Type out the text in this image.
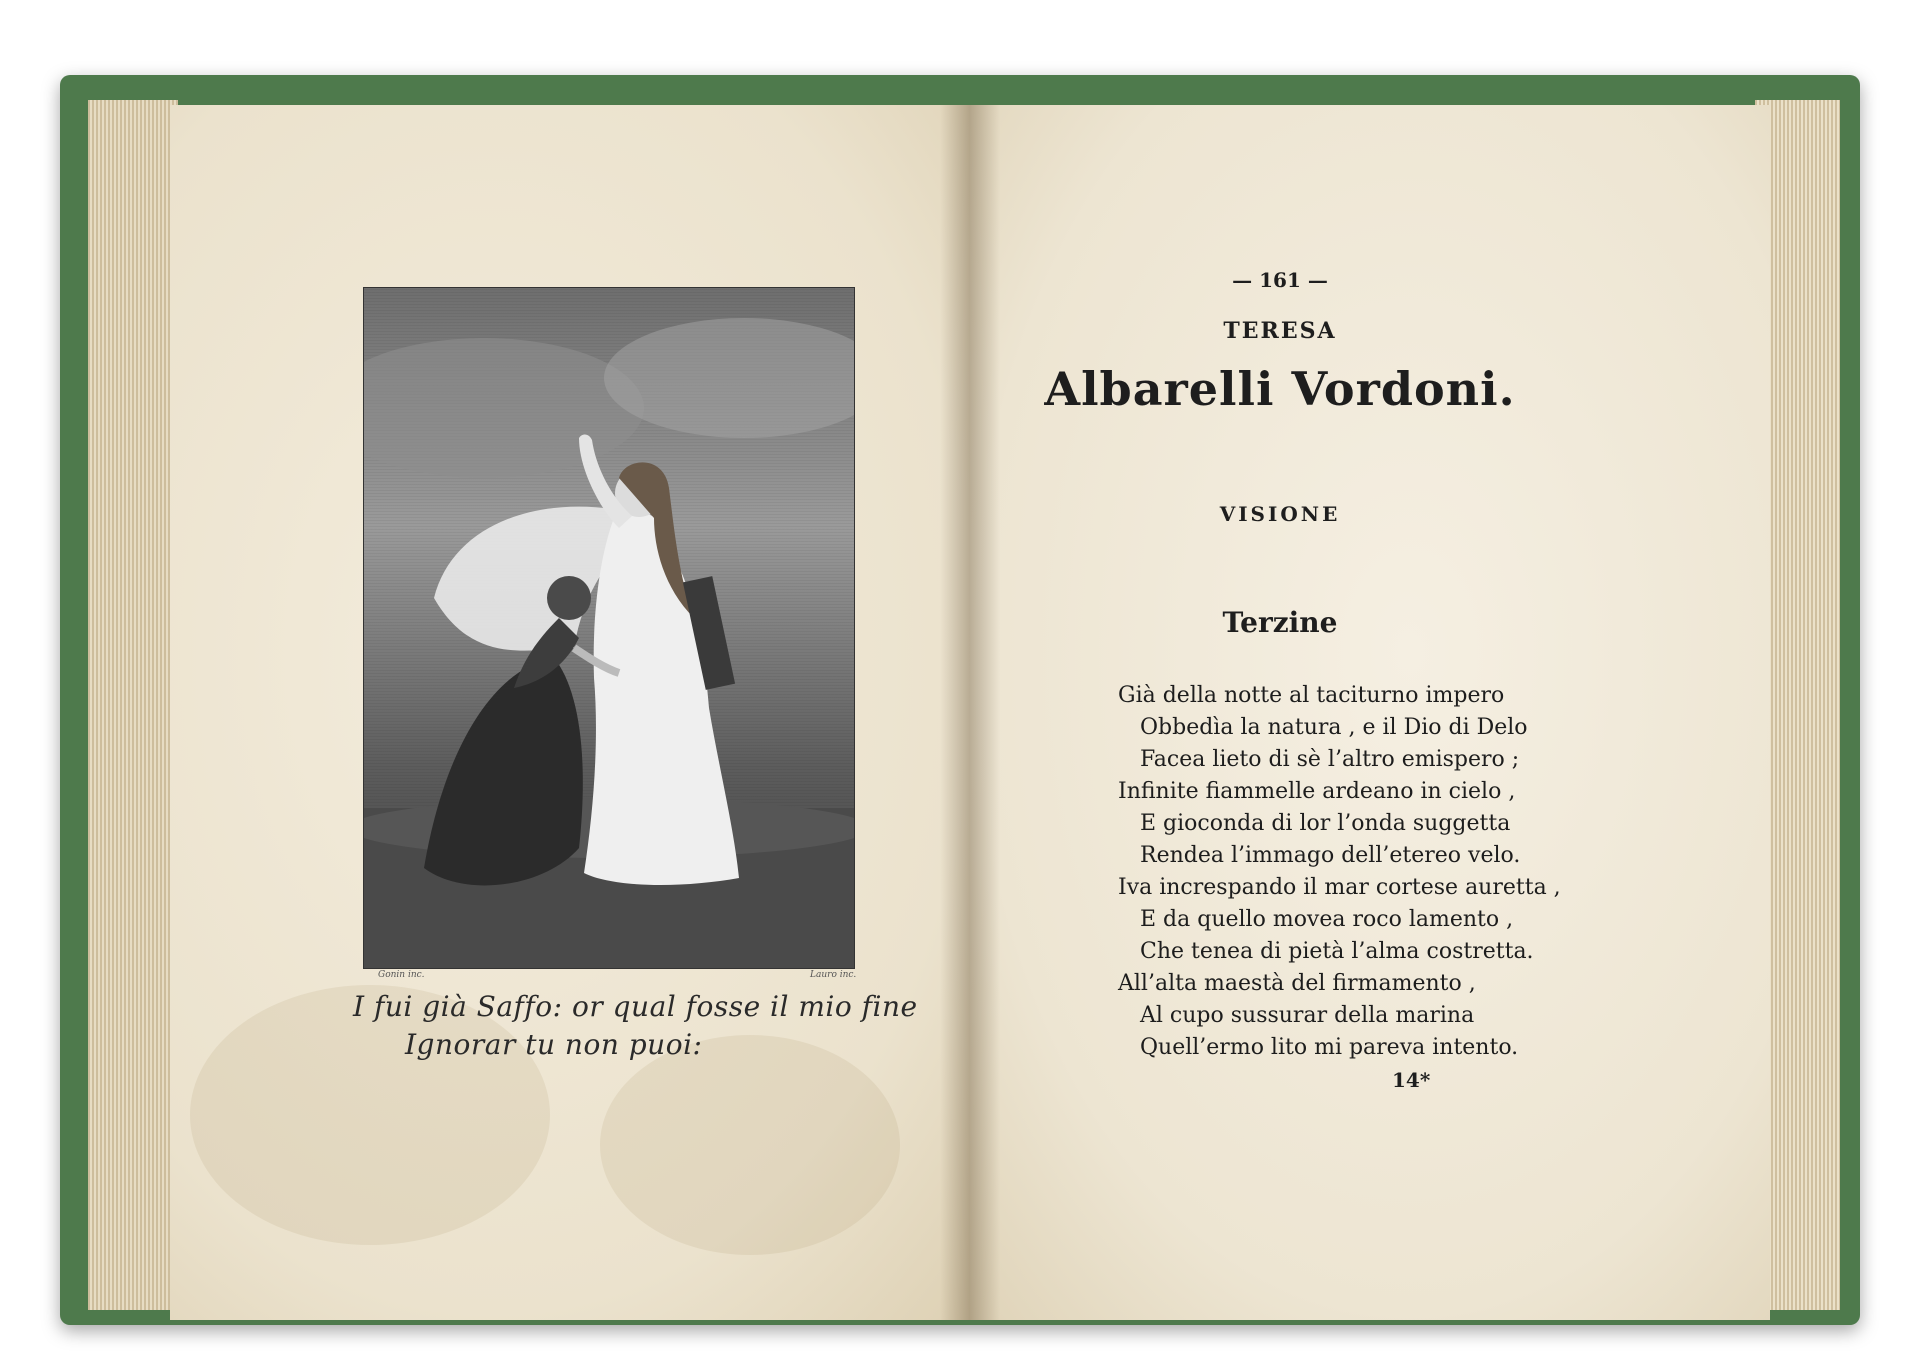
Gonin inc.	Lauro inc.
I fui già Saffo: or qual fosse il mio fine
Ignorar tu non puoi:
— 161 —
TERESA
Albarelli Vordoni.
VISIONE
Terzine
Già della notte al taciturno impero
Obbedìa la natura , e il Dio di Delo
Facea lieto di sè l’altro emispero ;
Infinite fiammelle ardeano in cielo ,
E gioconda di lor l’onda suggetta
Rendea l’immago dell’etereo velo.
Iva increspando il mar cortese auretta ,
E da quello movea roco lamento ,
Che tenea di pietà l’alma costretta.
All’alta maestà del firmamento ,
Al cupo sussurar della marina
Quell’ermo lito mi pareva intento.
14*
